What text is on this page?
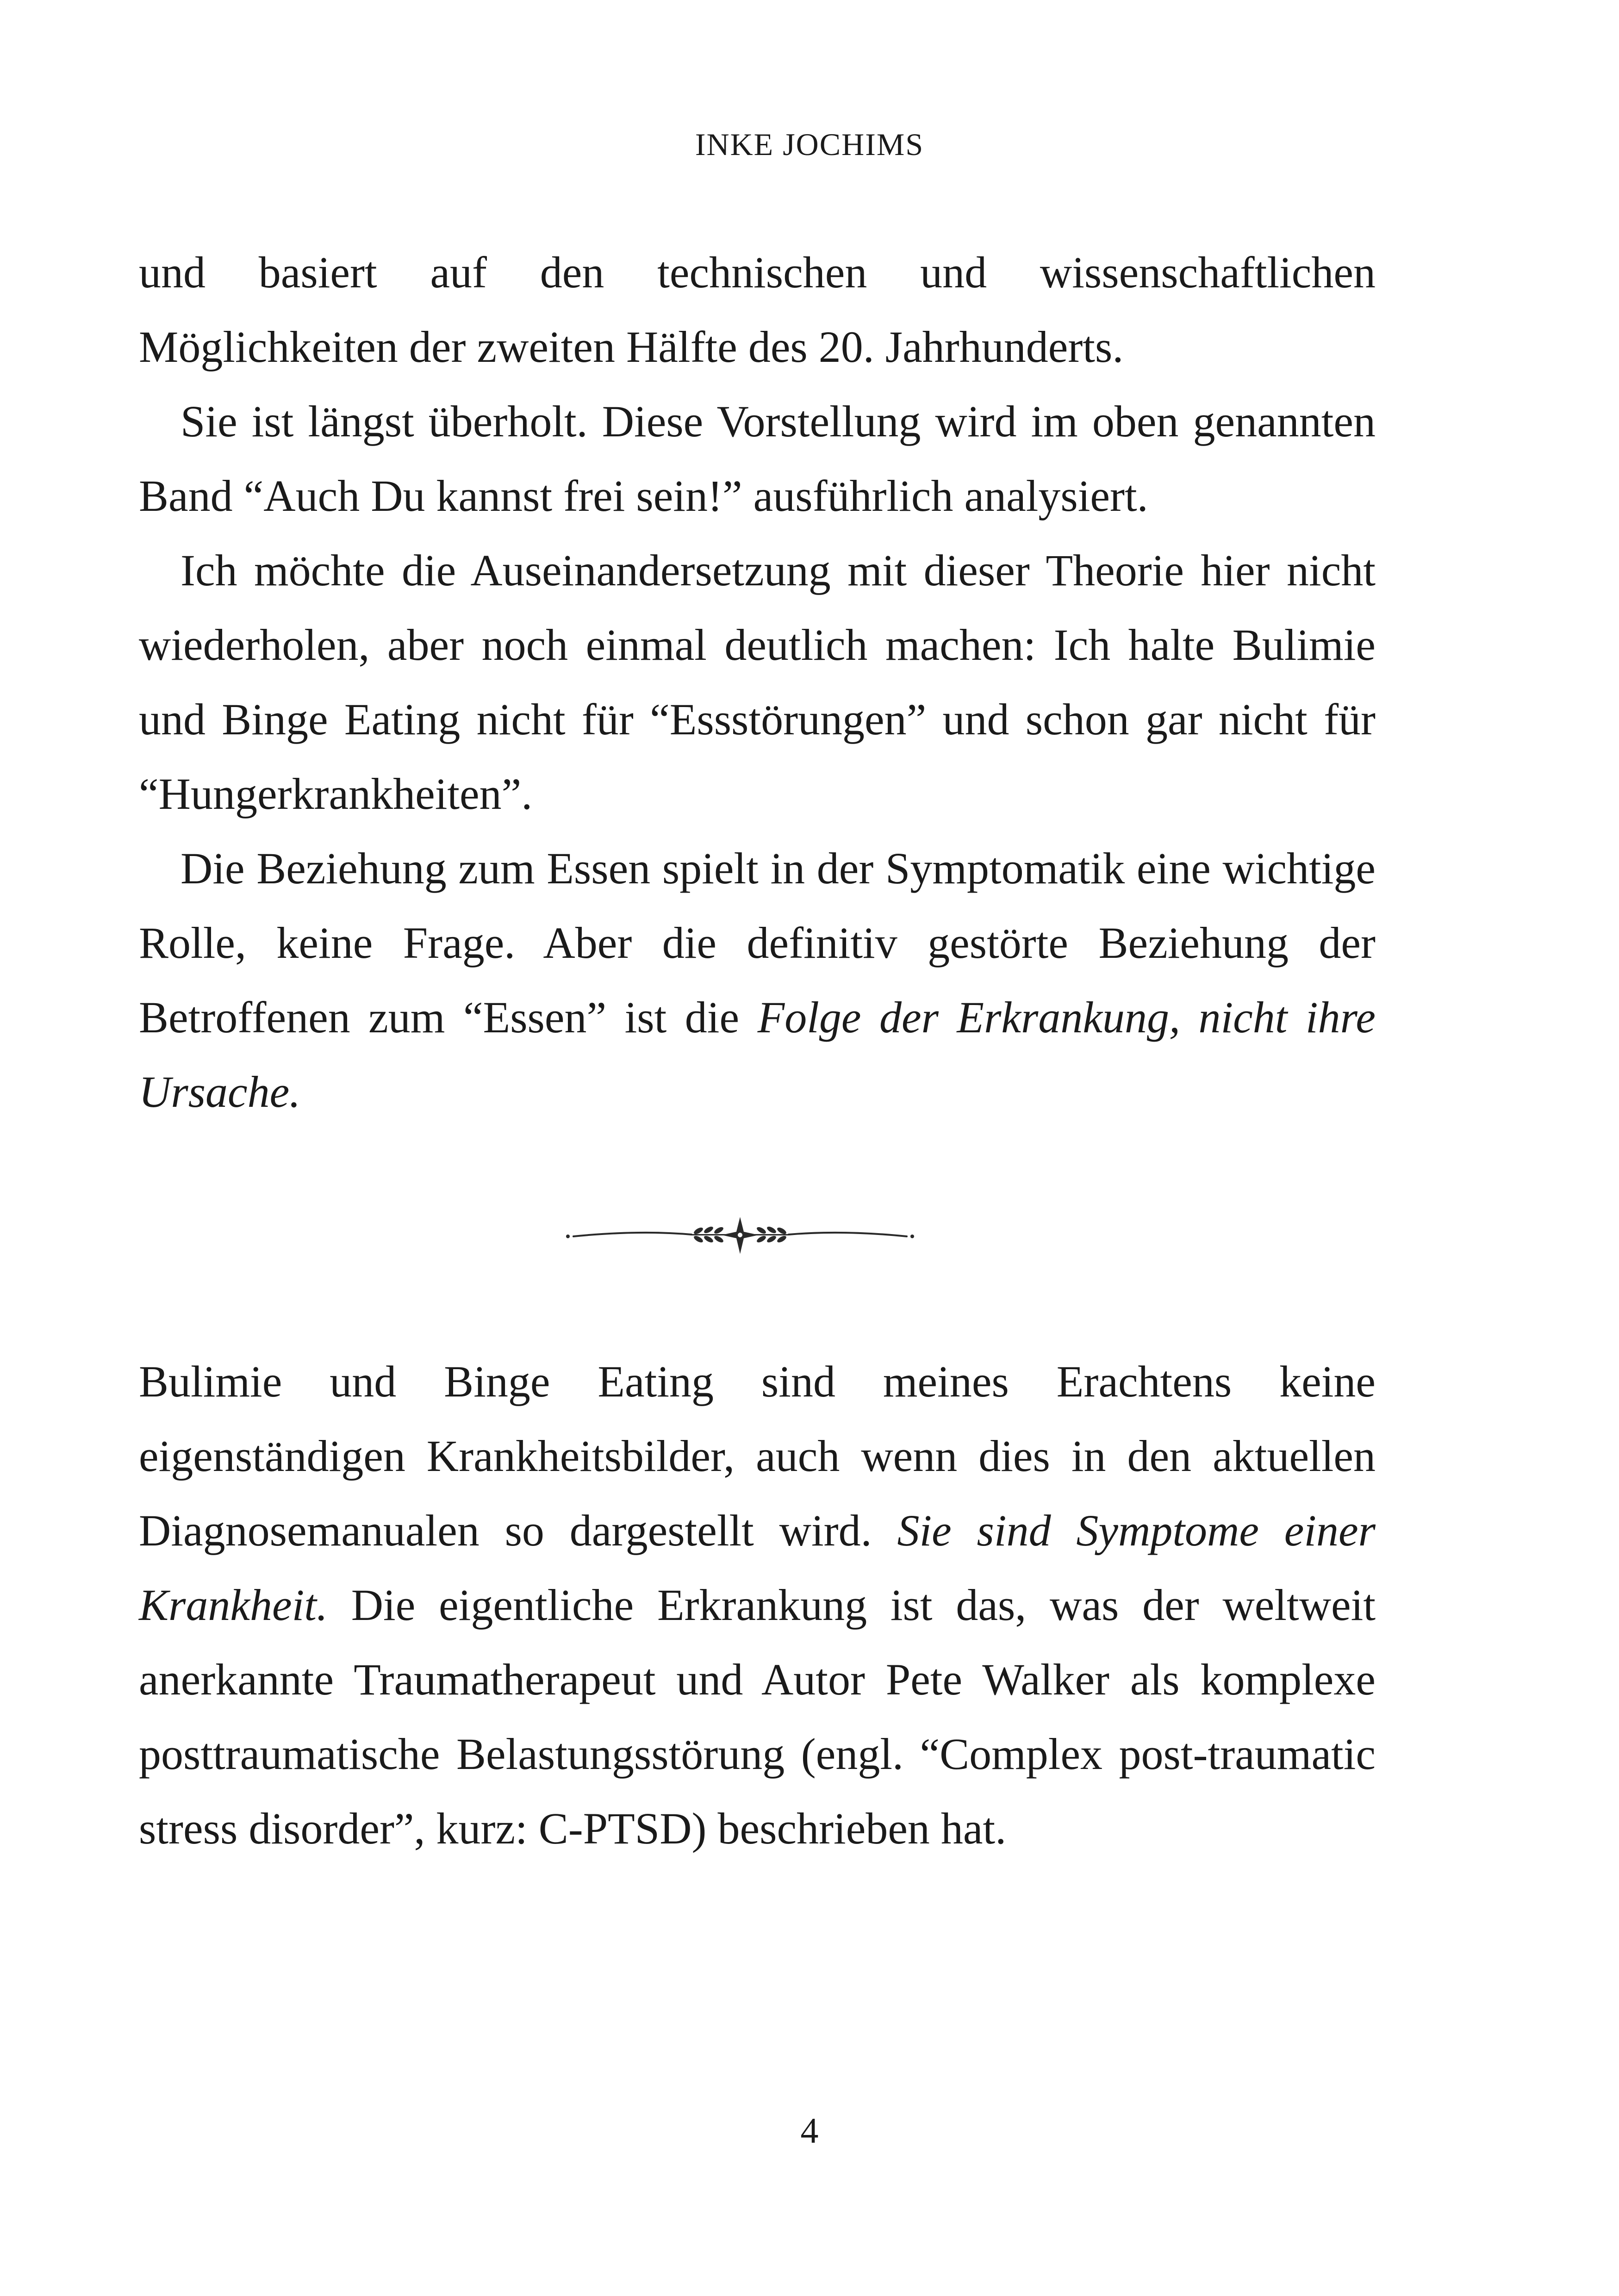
INKE JOCHIMS

und basiert auf den technischen und wissenschaftlichen Möglichkeiten der zweiten Hälfte des 20. Jahrhunderts.

Sie ist längst überholt. Diese Vorstellung wird im oben genannten Band “Auch Du kannst frei sein!” ausführlich analysiert.

Ich möchte die Auseinandersetzung mit dieser Theorie hier nicht wiederholen, aber noch einmal deutlich machen: Ich halte Bulimie und Binge Eating nicht für “Essstörungen” und schon gar nicht für “Hungerkrankheiten”.

Die Beziehung zum Essen spielt in der Symptomatik eine wichtige Rolle, keine Frage. Aber die definitiv gestörte Beziehung der Betroffenen zum “Essen” ist die Folge der Erkrankung, nicht ihre Ursache.

Bulimie und Binge Eating sind meines Erachtens keine eigenständigen Krankheitsbilder, auch wenn dies in den aktuellen Diagnosemanualen so dargestellt wird. Sie sind Symptome einer Krankheit. Die eigentliche Erkrankung ist das, was der weltweit anerkannte Traumatherapeut und Autor Pete Walker als komplexe posttraumatische Belastungsstörung (engl. “Complex post-traumatic stress disorder”, kurz: C-PTSD) beschrieben hat.

4
